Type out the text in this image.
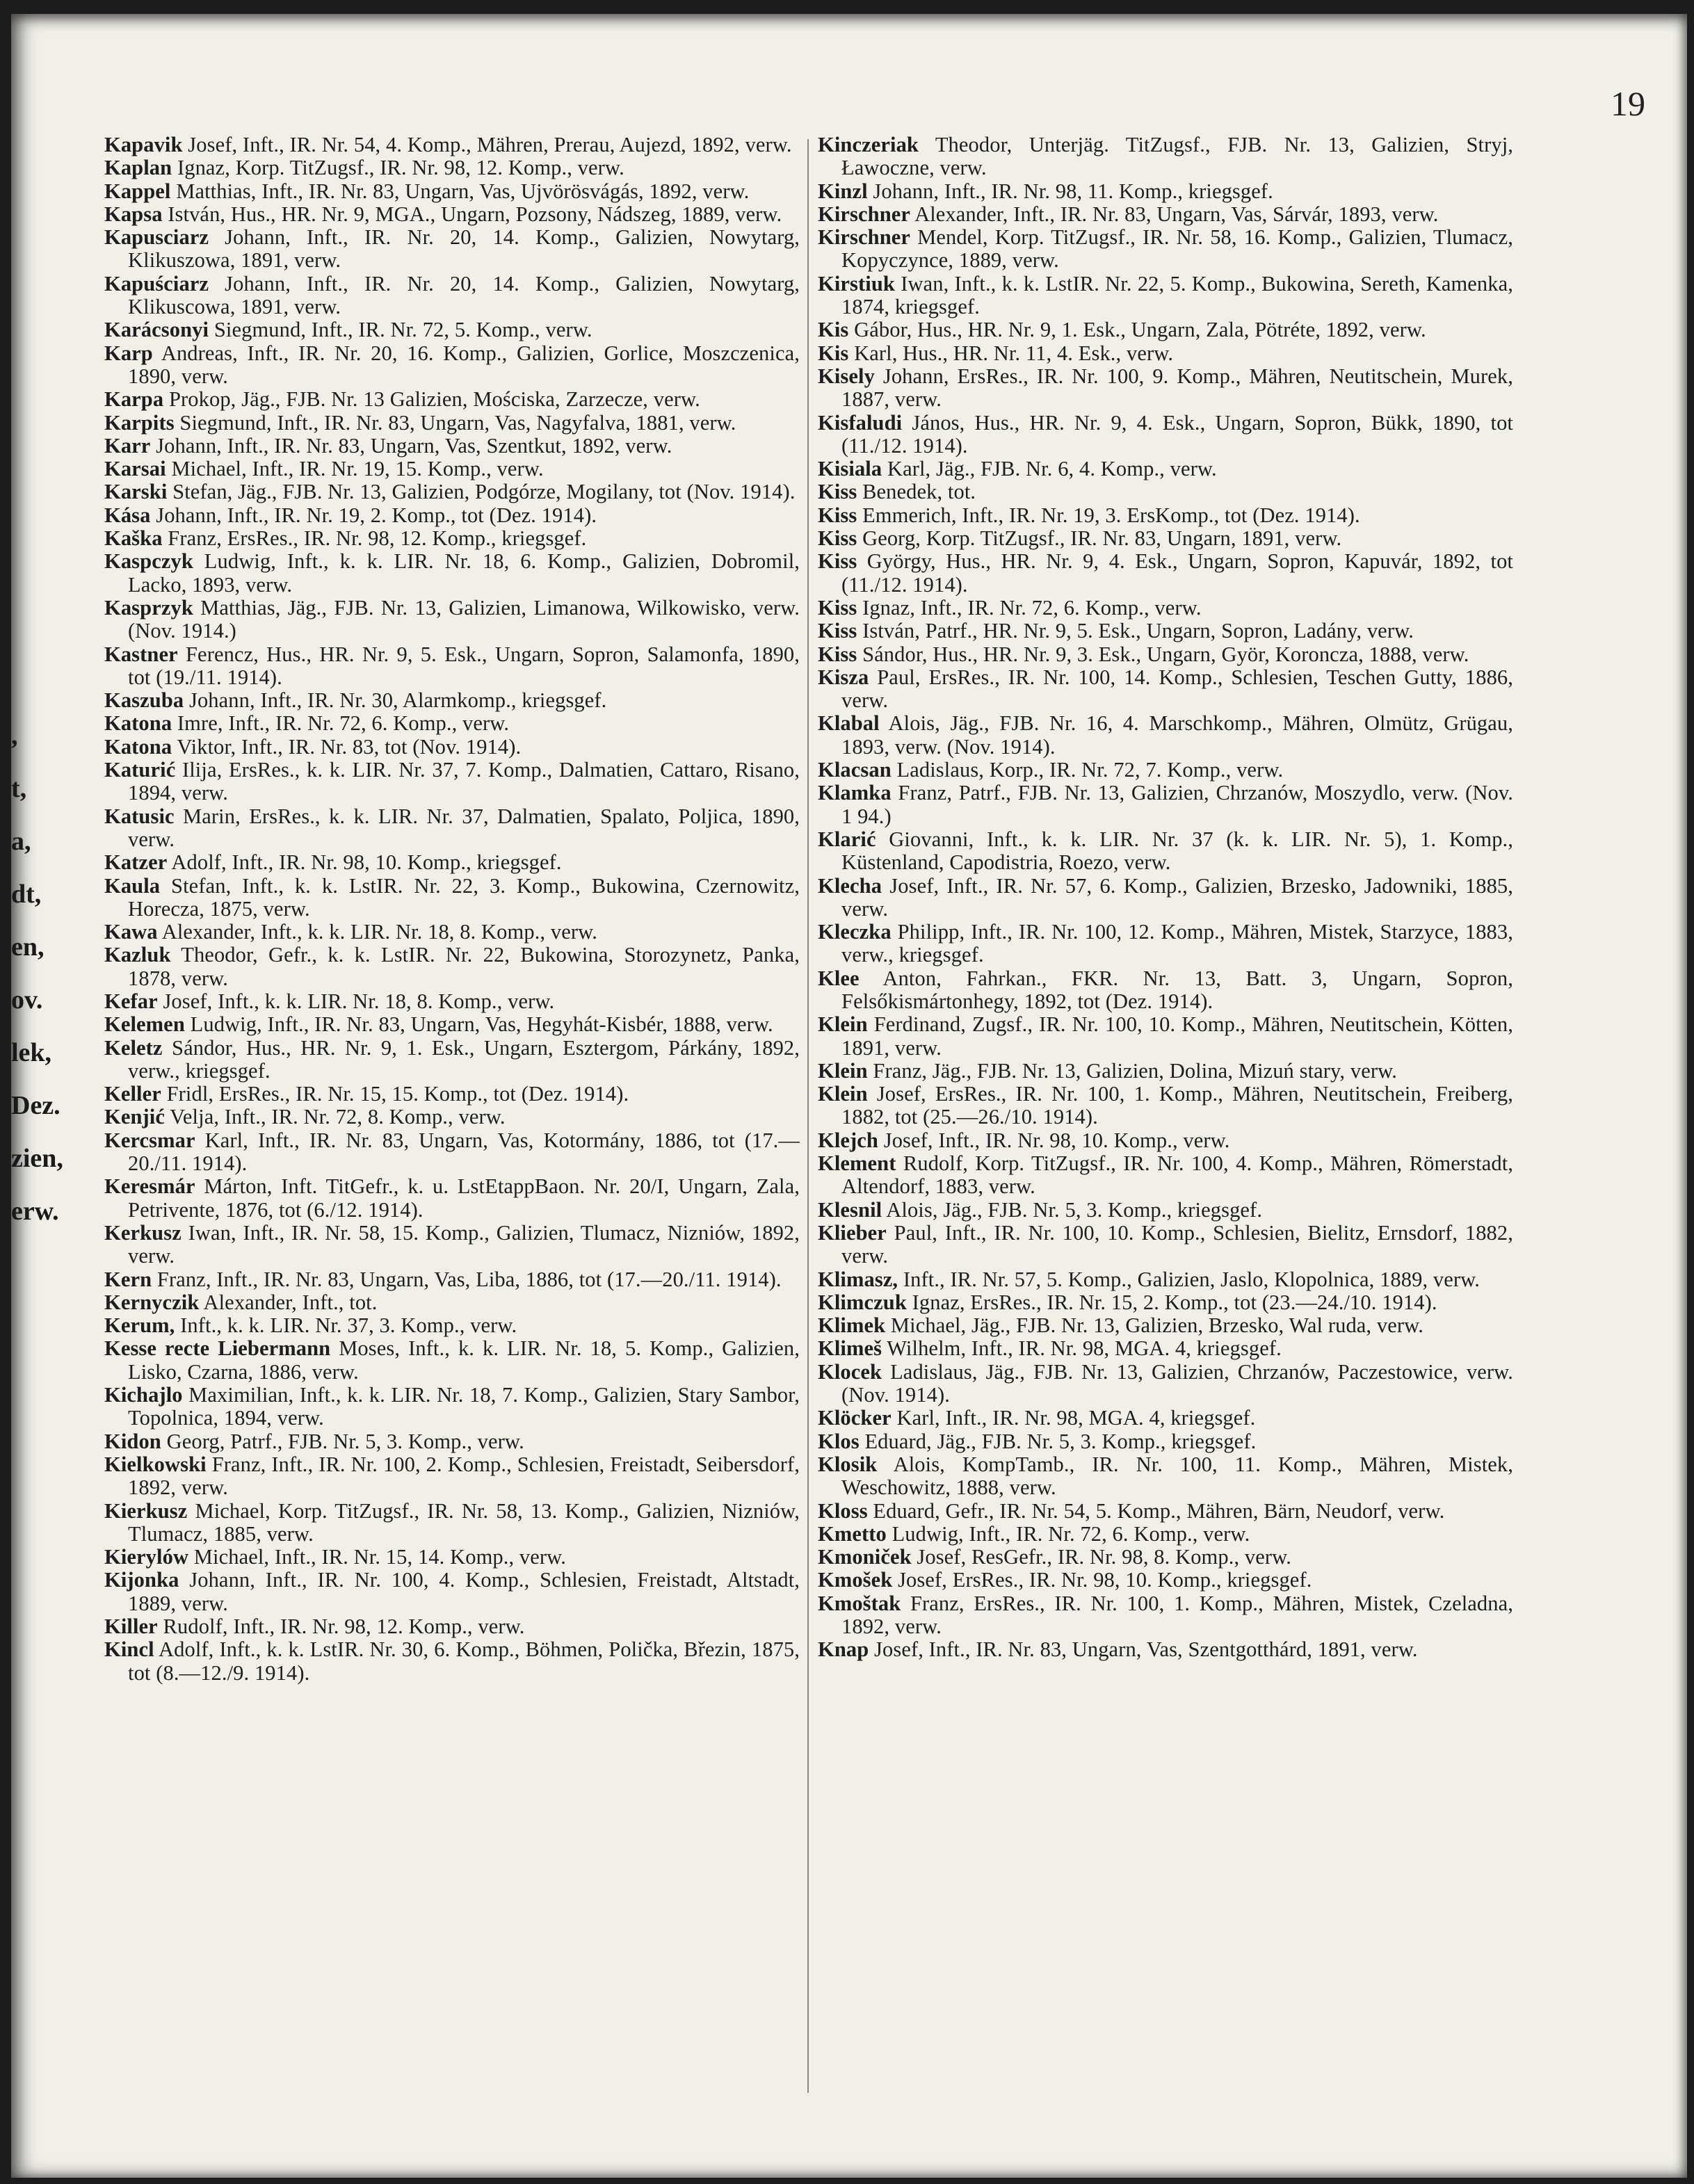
,
t,
a,
dt,
en,
ov.
lek,
Dez.
zien,
erw.
19
Kapavik Josef, Inft., IR. Nr. 54, 4. Komp., Mähren, Prerau, Aujezd, 1892, verw.
Kaplan Ignaz, Korp. TitZugsf., IR. Nr. 98, 12. Komp., verw.
Kappel Matthias, Inft., IR. Nr. 83, Ungarn, Vas, Ujvörösvágás, 1892, verw.
Kapsa István, Hus., HR. Nr. 9, MGA., Ungarn, Pozsony, Nádszeg, 1889, verw.
Kapusciarz Johann, Inft., IR. Nr. 20, 14. Komp., Galizien, Nowytarg, Klikuszowa, 1891, verw.
Kapuściarz Johann, Inft., IR. Nr. 20, 14. Komp., Galizien, Nowytarg, Klikuscowa, 1891, verw.
Karácsonyi Siegmund, Inft., IR. Nr. 72, 5. Komp., verw.
Karp Andreas, Inft., IR. Nr. 20, 16. Komp., Galizien, Gorlice, Moszczenica, 1890, verw.
Karpa Prokop, Jäg., FJB. Nr. 13 Galizien, Mościska, Zarzecze, verw.
Karpits Siegmund, Inft., IR. Nr. 83, Ungarn, Vas, Nagyfalva, 1881, verw.
Karr Johann, Inft., IR. Nr. 83, Ungarn, Vas, Szentkut, 1892, verw.
Karsai Michael, Inft., IR. Nr. 19, 15. Komp., verw.
Karski Stefan, Jäg., FJB. Nr. 13, Galizien, Podgórze, Mogilany, tot (Nov. 1914).
Kása Johann, Inft., IR. Nr. 19, 2. Komp., tot (Dez. 1914).
Kaška Franz, ErsRes., IR. Nr. 98, 12. Komp., kriegsgef.
Kaspczyk Ludwig, Inft., k. k. LIR. Nr. 18, 6. Komp., Galizien, Dobromil, Lacko, 1893, verw.
Kasprzyk Matthias, Jäg., FJB. Nr. 13, Galizien, Limanowa, Wilkowisko, verw. (Nov. 1914.)
Kastner Ferencz, Hus., HR. Nr. 9, 5. Esk., Ungarn, Sopron, Salamonfa, 1890, tot (19./11. 1914).
Kaszuba Johann, Inft., IR. Nr. 30, Alarmkomp., kriegsgef.
Katona Imre, Inft., IR. Nr. 72, 6. Komp., verw.
Katona Viktor, Inft., IR. Nr. 83, tot (Nov. 1914).
Katurić Ilija, ErsRes., k. k. LIR. Nr. 37, 7. Komp., Dalmatien, Cattaro, Risano, 1894, verw.
Katusic Marin, ErsRes., k. k. LIR. Nr. 37, Dalmatien, Spalato, Poljica, 1890, verw.
Katzer Adolf, Inft., IR. Nr. 98, 10. Komp., kriegsgef.
Kaula Stefan, Inft., k. k. LstIR. Nr. 22, 3. Komp., Bukowina, Czernowitz, Horecza, 1875, verw.
Kawa Alexander, Inft., k. k. LIR. Nr. 18, 8. Komp., verw.
Kazluk Theodor, Gefr., k. k. LstIR. Nr. 22, Bukowina, Storozynetz, Panka, 1878, verw.
Kefar Josef, Inft., k. k. LIR. Nr. 18, 8. Komp., verw.
Kelemen Ludwig, Inft., IR. Nr. 83, Ungarn, Vas, Hegyhát-Kisbér, 1888, verw.
Keletz Sándor, Hus., HR. Nr. 9, 1. Esk., Ungarn, Esztergom, Párkány, 1892, verw., kriegsgef.
Keller Fridl, ErsRes., IR. Nr. 15, 15. Komp., tot (Dez. 1914).
Kenjić Velja, Inft., IR. Nr. 72, 8. Komp., verw.
Kercsmar Karl, Inft., IR. Nr. 83, Ungarn, Vas, Kotormány, 1886, tot (17.—20./11. 1914).
Keresmár Márton, Inft. TitGefr., k. u. LstEtappBaon. Nr. 20/I, Ungarn, Zala, Petrivente, 1876, tot (6./12. 1914).
Kerkusz Iwan, Inft., IR. Nr. 58, 15. Komp., Galizien, Tlumacz, Nizniów, 1892, verw.
Kern Franz, Inft., IR. Nr. 83, Ungarn, Vas, Liba, 1886, tot (17.—20./11. 1914).
Kernyczik Alexander, Inft., tot.
Kerum, Inft., k. k. LIR. Nr. 37, 3. Komp., verw.
Kesse recte Liebermann Moses, Inft., k. k. LIR. Nr. 18, 5. Komp., Galizien, Lisko, Czarna, 1886, verw.
Kichajlo Maximilian, Inft., k. k. LIR. Nr. 18, 7. Komp., Galizien, Stary Sambor, Topolnica, 1894, verw.
Kidon Georg, Patrf., FJB. Nr. 5, 3. Komp., verw.
Kielkowski Franz, Inft., IR. Nr. 100, 2. Komp., Schlesien, Freistadt, Seibersdorf, 1892, verw.
Kierkusz Michael, Korp. TitZugsf., IR. Nr. 58, 13. Komp., Galizien, Nizniów, Tlumacz, 1885, verw.
Kierylów Michael, Inft., IR. Nr. 15, 14. Komp., verw.
Kijonka Johann, Inft., IR. Nr. 100, 4. Komp., Schlesien, Freistadt, Altstadt, 1889, verw.
Killer Rudolf, Inft., IR. Nr. 98, 12. Komp., verw.
Kincl Adolf, Inft., k. k. LstIR. Nr. 30, 6. Komp., Böhmen, Polička, Březin, 1875, tot (8.—12./9. 1914).
Kinczeriak Theodor, Unterjäg. TitZugsf., FJB. Nr. 13, Galizien, Stryj, Ławoczne, verw.
Kinzl Johann, Inft., IR. Nr. 98, 11. Komp., kriegsgef.
Kirschner Alexander, Inft., IR. Nr. 83, Ungarn, Vas, Sárvár, 1893, verw.
Kirschner Mendel, Korp. TitZugsf., IR. Nr. 58, 16. Komp., Galizien, Tlumacz, Kopyczynce, 1889, verw.
Kirstiuk Iwan, Inft., k. k. LstIR. Nr. 22, 5. Komp., Bukowina, Sereth, Kamenka, 1874, kriegsgef.
Kis Gábor, Hus., HR. Nr. 9, 1. Esk., Ungarn, Zala, Pötréte, 1892, verw.
Kis Karl, Hus., HR. Nr. 11, 4. Esk., verw.
Kisely Johann, ErsRes., IR. Nr. 100, 9. Komp., Mähren, Neutitschein, Murek, 1887, verw.
Kisfaludi János, Hus., HR. Nr. 9, 4. Esk., Ungarn, Sopron, Bükk, 1890, tot (11./12. 1914).
Kisiala Karl, Jäg., FJB. Nr. 6, 4. Komp., verw.
Kiss Benedek, tot.
Kiss Emmerich, Inft., IR. Nr. 19, 3. ErsKomp., tot (Dez. 1914).
Kiss Georg, Korp. TitZugsf., IR. Nr. 83, Ungarn, 1891, verw.
Kiss György, Hus., HR. Nr. 9, 4. Esk., Ungarn, Sopron, Kapuvár, 1892, tot (11./12. 1914).
Kiss Ignaz, Inft., IR. Nr. 72, 6. Komp., verw.
Kiss István, Patrf., HR. Nr. 9, 5. Esk., Ungarn, Sopron, Ladány, verw.
Kiss Sándor, Hus., HR. Nr. 9, 3. Esk., Ungarn, Györ, Koroncza, 1888, verw.
Kisza Paul, ErsRes., IR. Nr. 100, 14. Komp., Schlesien, Teschen Gutty, 1886, verw.
Klabal Alois, Jäg., FJB. Nr. 16, 4. Marschkomp., Mähren, Olmütz, Grügau, 1893, verw. (Nov. 1914).
Klacsan Ladislaus, Korp., IR. Nr. 72, 7. Komp., verw.
Klamka Franz, Patrf., FJB. Nr. 13, Galizien, Chrzanów, Moszydlo, verw. (Nov. 1 94.)
Klarić Giovanni, Inft., k. k. LIR. Nr. 37 (k. k. LIR. Nr. 5), 1. Komp., Küstenland, Capodistria, Roezo, verw.
Klecha Josef, Inft., IR. Nr. 57, 6. Komp., Galizien, Brzesko, Jadowniki, 1885, verw.
Kleczka Philipp, Inft., IR. Nr. 100, 12. Komp., Mähren, Mistek, Starzyce, 1883, verw., kriegsgef.
Klee Anton, Fahrkan., FKR. Nr. 13, Batt. 3, Ungarn, Sopron, Felsőkismártonhegy, 1892, tot (Dez. 1914).
Klein Ferdinand, Zugsf., IR. Nr. 100, 10. Komp., Mähren, Neutitschein, Kötten, 1891, verw.
Klein Franz, Jäg., FJB. Nr. 13, Galizien, Dolina, Mizuń stary, verw.
Klein Josef, ErsRes., IR. Nr. 100, 1. Komp., Mähren, Neutitschein, Freiberg, 1882, tot (25.—26./10. 1914).
Klejch Josef, Inft., IR. Nr. 98, 10. Komp., verw.
Klement Rudolf, Korp. TitZugsf., IR. Nr. 100, 4. Komp., Mähren, Römerstadt, Altendorf, 1883, verw.
Klesnil Alois, Jäg., FJB. Nr. 5, 3. Komp., kriegsgef.
Klieber Paul, Inft., IR. Nr. 100, 10. Komp., Schlesien, Bielitz, Ernsdorf, 1882, verw.
Klimasz, Inft., IR. Nr. 57, 5. Komp., Galizien, Jaslo, Klopolnica, 1889, verw.
Klimczuk Ignaz, ErsRes., IR. Nr. 15, 2. Komp., tot (23.—24./10. 1914).
Klimek Michael, Jäg., FJB. Nr. 13, Galizien, Brzesko, Wal ruda, verw.
Klimeš Wilhelm, Inft., IR. Nr. 98, MGA. 4, kriegsgef.
Klocek Ladislaus, Jäg., FJB. Nr. 13, Galizien, Chrzanów, Paczestowice, verw. (Nov. 1914).
Klöcker Karl, Inft., IR. Nr. 98, MGA. 4, kriegsgef.
Klos Eduard, Jäg., FJB. Nr. 5, 3. Komp., kriegsgef.
Klosik Alois, KompTamb., IR. Nr. 100, 11. Komp., Mähren, Mistek, Weschowitz, 1888, verw.
Kloss Eduard, Gefr., IR. Nr. 54, 5. Komp., Mähren, Bärn, Neudorf, verw.
Kmetto Ludwig, Inft., IR. Nr. 72, 6. Komp., verw.
Kmoniček Josef, ResGefr., IR. Nr. 98, 8. Komp., verw.
Kmošek Josef, ErsRes., IR. Nr. 98, 10. Komp., kriegsgef.
Kmoštak Franz, ErsRes., IR. Nr. 100, 1. Komp., Mähren, Mistek, Czeladna, 1892, verw.
Knap Josef, Inft., IR. Nr. 83, Ungarn, Vas, Szentgotthárd, 1891, verw.
